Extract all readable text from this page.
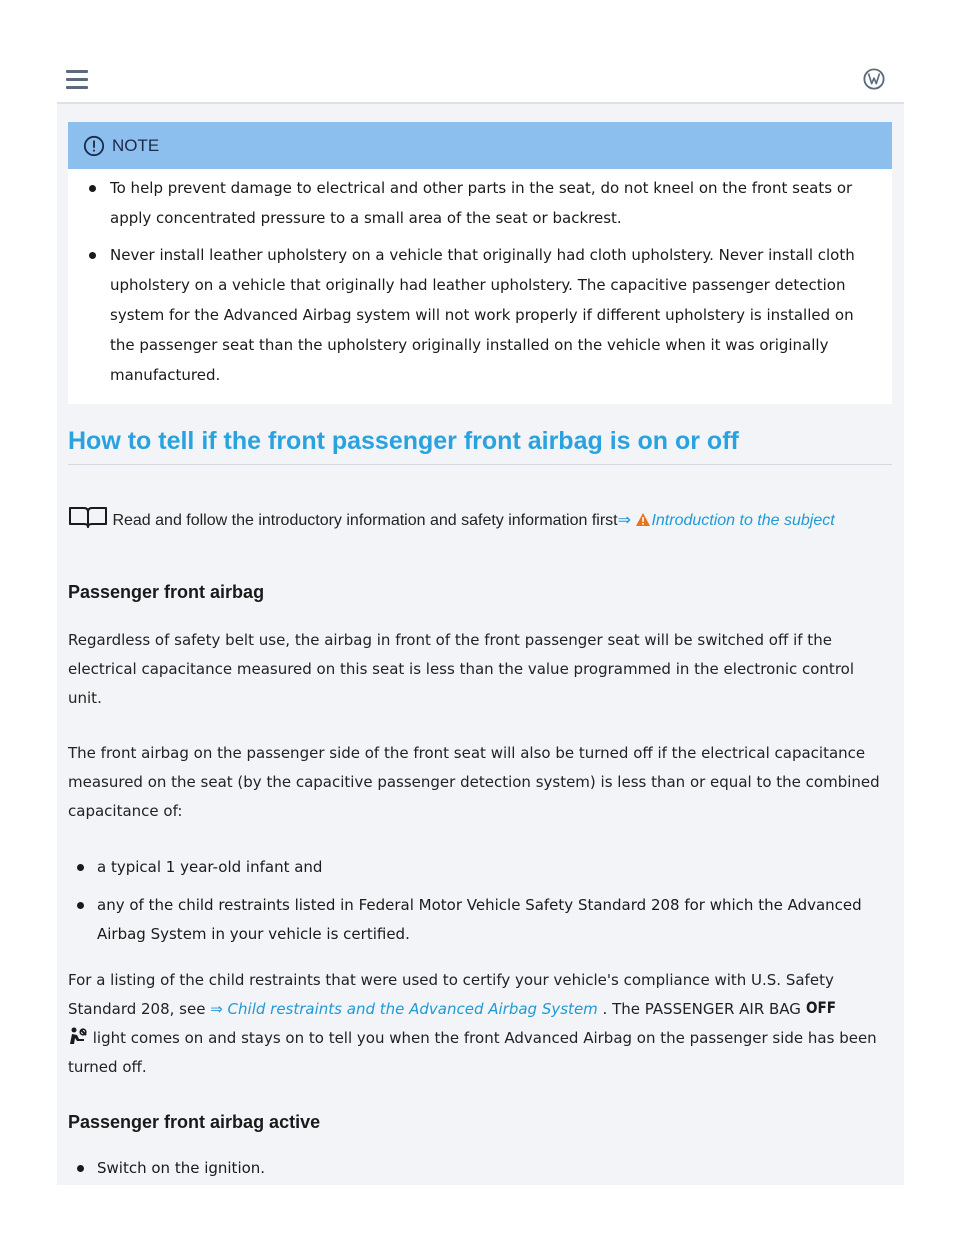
NOTE
To help prevent damage to electrical and other parts in the seat, do not kneel on the front seats or apply concentrated pressure to a small area of the seat or backrest.
Never install leather upholstery on a vehicle that originally had cloth upholstery. Never install cloth upholstery on a vehicle that originally had leather upholstery. The capacitive passenger detection system for the Advanced Airbag system will not work properly if different upholstery is installed on the passenger seat than the upholstery originally installed on the vehicle when it was originally manufactured.
How to tell if the front passenger front airbag is on or off
Read and follow the introductory information and safety information first⇒ Introduction to the subject
Passenger front airbag

Regardless of safety belt use, the airbag in front of the front passenger seat will be switched off if the electrical capacitance measured on this seat is less than the value programmed in the electronic control unit.

The front airbag on the passenger side of the front seat will also be turned off if the electrical capacitance measured on the seat (by the capacitive passenger detection system) is less than or equal to the combined capacitance of:

a typical 1 year-old infant and
any of the child restraints listed in Federal Motor Vehicle Safety Standard 208 for which the Advanced Airbag System in your vehicle is certified.

For a listing of the child restraints that were used to certify your vehicle's compliance with U.S. Safety Standard 208, see ⇒ Child restraints and the Advanced Airbag System . The PASSENGER AIR BAG OFF

light comes on and stays on to tell you when the front Advanced Airbag on the passenger side has been turned off.

Passenger front airbag active
Switch on the ignition.
